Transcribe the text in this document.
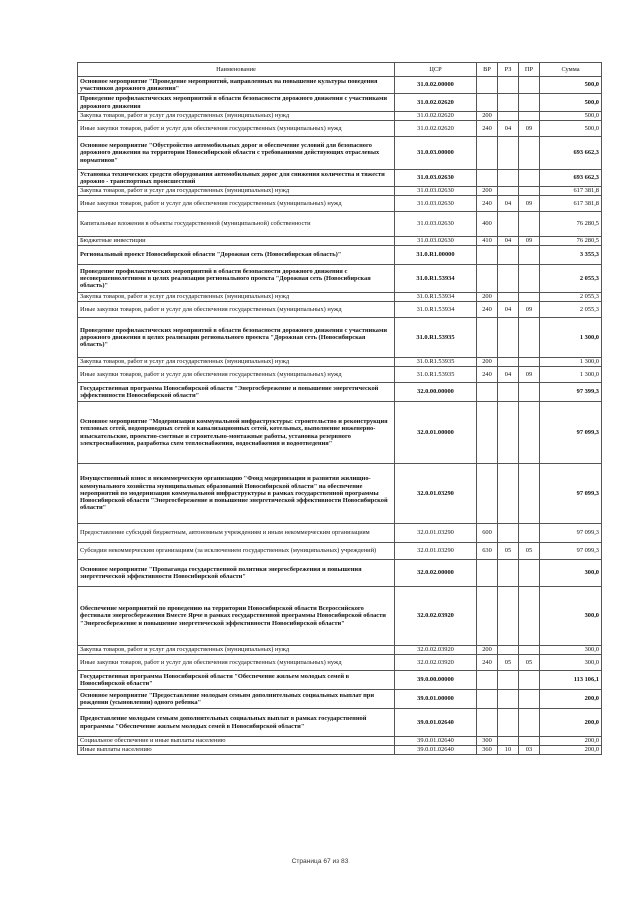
Наименование	ЦСР	ВР	РЗ	ПР	Сумма
Основное мероприятие "Проведение мероприятий, направленных на повышение культуры поведения участников дорожного движения"	31.0.02.00000				500,0
Проведение профилактических мероприятий в области безопасности дорожного движения с участниками дорожного движения	31.0.02.02620				500,0
Закупка товаров, работ и услуг для государственных (муниципальных) нужд	31.0.02.02620	200			500,0
Иные закупки товаров, работ и услуг для обеспечения государственных (муниципальных) нужд	31.0.02.02620	240	04	09	500,0
Основное мероприятие "Обустройство автомобильных дорог и обеспечение условий для безопасного дорожного движения на территории Новосибирской области с требованиями действующих отраслевых нормативов"	31.0.03.00000				693 662,3
Установка технических средств оборудования автомобильных дорог для снижения количества и тяжести дорожно - транспортных происшествий	31.0.03.02630				693 662,3
Закупка товаров, работ и услуг для государственных (муниципальных) нужд	31.0.03.02630	200			617 381,8
Иные закупки товаров, работ и услуг для обеспечения государственных (муниципальных) нужд	31.0.03.02630	240	04	09	617 381,8
Капитальные вложения в объекты государственной (муниципальной) собственности	31.0.03.02630	400			76 280,5
Бюджетные инвестиции	31.0.03.02630	410	04	09	76 280,5
Региональный проект Новосибирской области "Дорожная сеть (Новосибирская область)"	31.0.R1.00000				3 355,3
Проведение профилактических мероприятий в области безопасности дорожного движения с несовершеннолетними в целях реализации регионального проекта "Дорожная сеть (Новосибирская область)"	31.0.R1.53934				2 055,3
Закупка товаров, работ и услуг для государственных (муниципальных) нужд	31.0.R1.53934	200			2 055,3
Иные закупки товаров, работ и услуг для обеспечения государственных (муниципальных) нужд	31.0.R1.53934	240	04	09	2 055,3
Проведение профилактических мероприятий в области безопасности дорожного движения с участниками дорожного движения в целях реализации регионального проекта "Дорожная сеть (Новосибирская область)"	31.0.R1.53935				1 300,0
Закупка товаров, работ и услуг для государственных (муниципальных) нужд	31.0.R1.53935	200			1 300,0
Иные закупки товаров, работ и услуг для обеспечения государственных (муниципальных) нужд	31.0.R1.53935	240	04	09	1 300,0
Государственная программа Новосибирской области "Энергосбережение и повышение энергетической эффективности Новосибирской области"	32.0.00.00000				97 399,3
Основное мероприятие "Модернизация коммунальной инфраструктуры: строительство и реконструкция тепловых сетей, водопроводных сетей и канализационных сетей, котельных, выполнение инженерно-изыскательские, проектно-сметные и строительно-монтажные работы, установка резервного электроснабжения, разработка схем теплоснабжения, водоснабжения и водоотведения"	32.0.01.00000				97 099,3
Имущественный взнос в некоммерческую организацию "Фонд модернизации и развития жилищно-коммунального хозяйства муниципальных образований Новосибирской области" на обеспечение мероприятий по модернизации коммунальной инфраструктуры в рамках государственной программы Новосибирской области "Энергосбережение и повышение энергетической эффективности Новосибирской области"	32.0.01.03290				97 099,3
Предоставление субсидий бюджетным, автономным учреждениям и иным некоммерческим организациям	32.0.01.03290	600			97 099,3
Субсидии некоммерческим организациям (за исключением государственных (муниципальных) учреждений)	32.0.01.03290	630	05	05	97 099,3
Основное мероприятие "Пропаганда государственной политики энергосбережения и повышения энергетической эффективности Новосибирской области"	32.0.02.00000				300,0
Обеспечение мероприятий по проведению на территории Новосибирской области Всероссийского фестиваля энергосбережения Вместе Ярче в рамках государственной программы Новосибирской области "Энергосбережение и повышение энергетической эффективности Новосибирской области"	32.0.02.03920				300,0
Закупка товаров, работ и услуг для государственных (муниципальных) нужд	32.0.02.03920	200			300,0
Иные закупки товаров, работ и услуг для обеспечения государственных (муниципальных) нужд	32.0.02.03920	240	05	05	300,0
Государственная программа Новосибирской области "Обеспечение жильем молодых семей в Новосибирской области"	39.0.00.00000				113 106,1
Основное мероприятие "Предоставление молодым семьям дополнительных социальных выплат при рождении (усыновлении) одного ребенка"	39.0.01.00000				200,0
Предоставление молодым семьям дополнительных социальных выплат в рамках государственной программы "Обеспечение жильем молодых семей в Новосибирской области"	39.0.01.02640				200,0
Социальное обеспечение и иные выплаты населению	39.0.01.02640	300			200,0
Иные выплаты населению	39.0.01.02640	360	10	03	200,0
Страница 67 из 83
